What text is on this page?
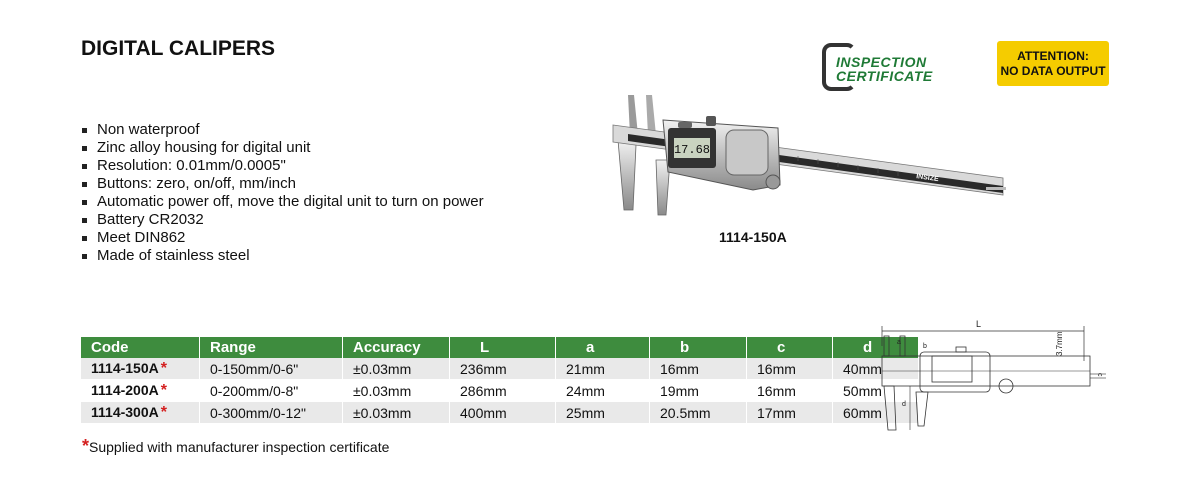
DIGITAL CALIPERS
INSPECTION
CERTIFICATE
ATTENTION:
NO DATA OUTPUT
Non waterproof
Zinc alloy housing for digital unit
Resolution: 0.01mm/0.0005"
Buttons: zero, on/off, mm/inch
Automatic power off, move the digital unit to turn on power
Battery CR2032
Meet DIN862
Made of stainless steel
17.68
INSIZE
1114-150A
Code	Range	Accuracy	L	a	b	c	d
1114-150A *	0-150mm/0-6"	±0.03mm	236mm	21mm	16mm	16mm	40mm
1114-200A *	0-200mm/0-8"	±0.03mm	286mm	24mm	19mm	16mm	50mm
1114-300A *	0-300mm/0-12"	±0.03mm	400mm	25mm	20.5mm	17mm	60mm
*Supplied with manufacturer inspection certificate
L
a
b
c
3.7mm
d
